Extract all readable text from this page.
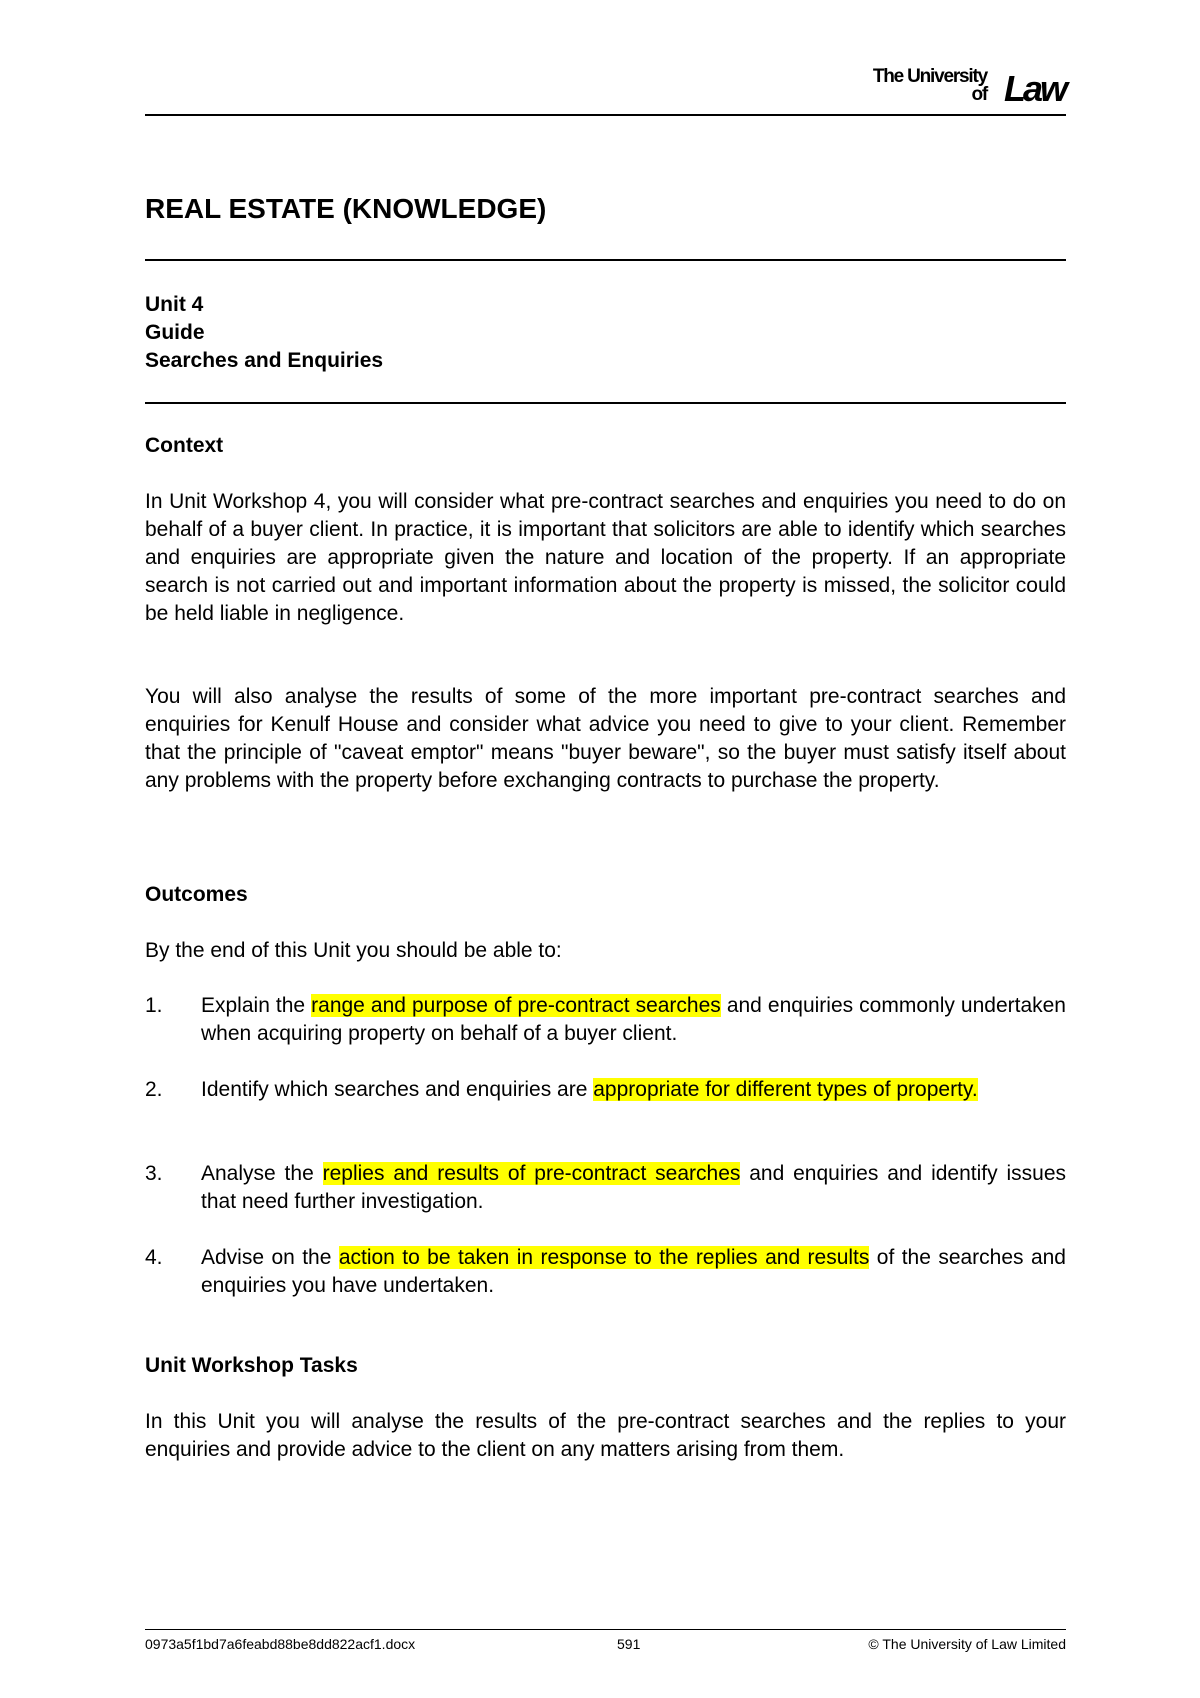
The University
of Law
REAL ESTATE (KNOWLEDGE)
Unit 4
Guide
Searches and Enquiries
Context
In Unit Workshop 4, you will consider what pre-contract searches and enquiries you need to do on behalf of a buyer client. In practice, it is important that solicitors are able to identify which searches and enquiries are appropriate given the nature and location of the property. If an appropriate search is not carried out and important information about the property is missed, the solicitor could be held liable in negligence.
You will also analyse the results of some of the more important pre-contract searches and enquiries for Kenulf House and consider what advice you need to give to your client. Remember that the principle of "caveat emptor" means "buyer beware", so the buyer must satisfy itself about any problems with the property before exchanging contracts to purchase the property.
Outcomes
By the end of this Unit you should be able to:
1. Explain the range and purpose of pre-contract searches and enquiries commonly undertaken when acquiring property on behalf of a buyer client.
2. Identify which searches and enquiries are appropriate for different types of property.
3. Analyse the replies and results of pre-contract searches and enquiries and identify issues that need further investigation.
4. Advise on the action to be taken in response to the replies and results of the searches and enquiries you have undertaken.
Unit Workshop Tasks
In this Unit you will analyse the results of the pre-contract searches and the replies to your enquiries and provide advice to the client on any matters arising from them.
0973a5f1bd7a6feabd88be8dd822acf1.docx	591	© The University of Law Limited
